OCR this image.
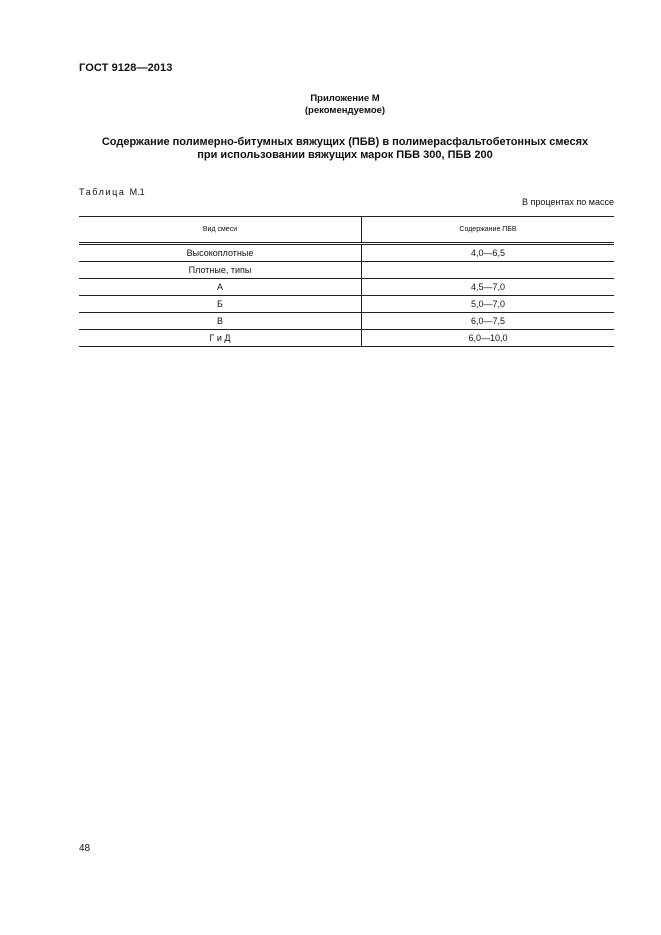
ГОСТ 9128—2013
Приложение М
(рекомендуемое)
Содержание полимерно-битумных вяжущих (ПБВ) в полимерасфальтобетонных смесях
при использовании вяжущих марок ПБВ 300, ПБВ 200
Таблица М.1
В процентах по массе
Вид смеси	Содержание ПБВ
Высокоплотные	4,0—6,5
Плотные, типы	
А	4,5—7,0
Б	5,0—7,0
В	6,0—7,5
Г и Д	6,0—10,0
48
